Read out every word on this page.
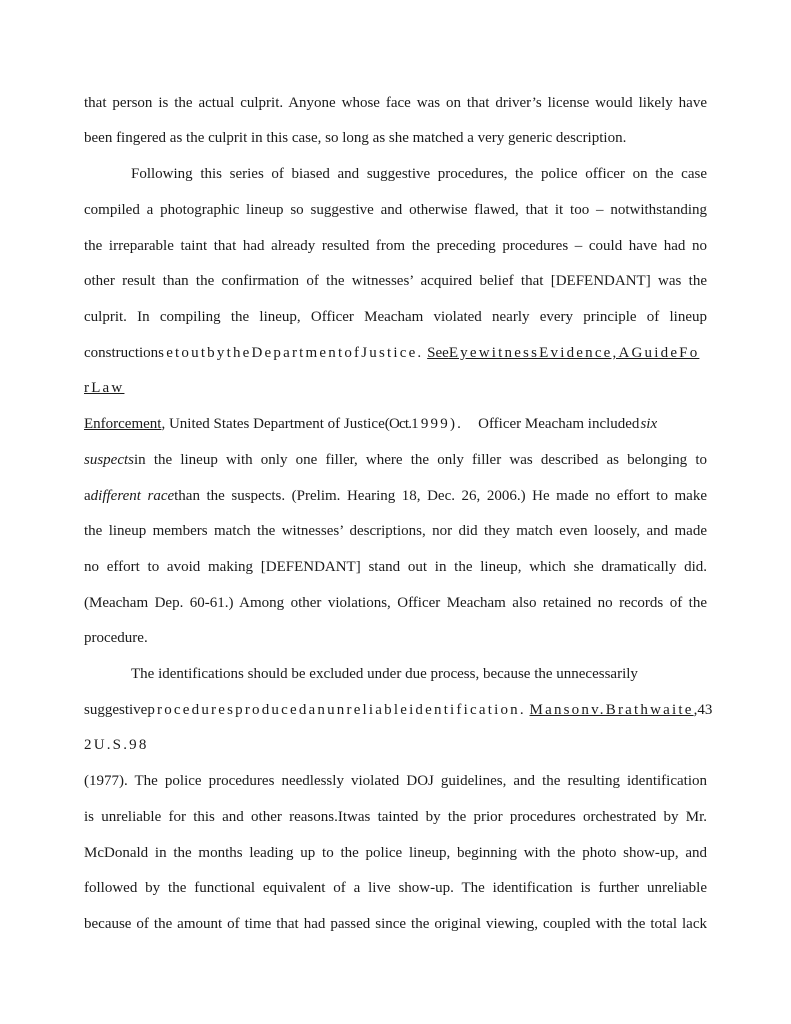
that person is the actual culprit. Anyone whose face was on that driver’s license would likely have
been fingered as the culprit in this case, so long as she matched a very generic description.
Following this series of biased and suggestive procedures, the police officer on the case
compiled a photographic lineup so suggestive and otherwise flawed, that it too – notwithstanding
the irreparable taint that had already resulted from the preceding procedures – could have had no
other result than the confirmation of the witnesses’ acquired belief that [DEFENDANT] was the
culprit. In compiling the lineup, Officer Meacham violated nearly every principle of lineup
constructionsetoutbytheDepartmentofJustice. SeeEyewitnessEvidence,AGuideFo
rLaw
Enforcement, United States Department of Justice(Oct.1999). Officer Meacham includedsix
suspectsin the lineup with only one filler, where the only filler was described as belonging to
adifferent racethan the suspects. (Prelim. Hearing 18, Dec. 26, 2006.) He made no effort to make
the lineup members match the witnesses’ descriptions, nor did they match even loosely, and made
no effort to avoid making [DEFENDANT] stand out in the lineup, which she dramatically did.
(Meacham Dep. 60-61.) Among other violations, Officer Meacham also retained no records of the
procedure.
The identifications should be excluded under due process, because the unnecessarily
suggestiveproceduresproducedanunreliableidentification. Mansonv.Brathwaite,43
2U.S.98
(1977). The police procedures needlessly violated DOJ guidelines, and the resulting identification
is unreliable for this and other reasons.Itwas tainted by the prior procedures orchestrated by Mr.
McDonald in the months leading up to the police lineup, beginning with the photo show-up, and
followed by the functional equivalent of a live show-up. The identification is further unreliable
because of the amount of time that had passed since the original viewing, coupled with the total lack
